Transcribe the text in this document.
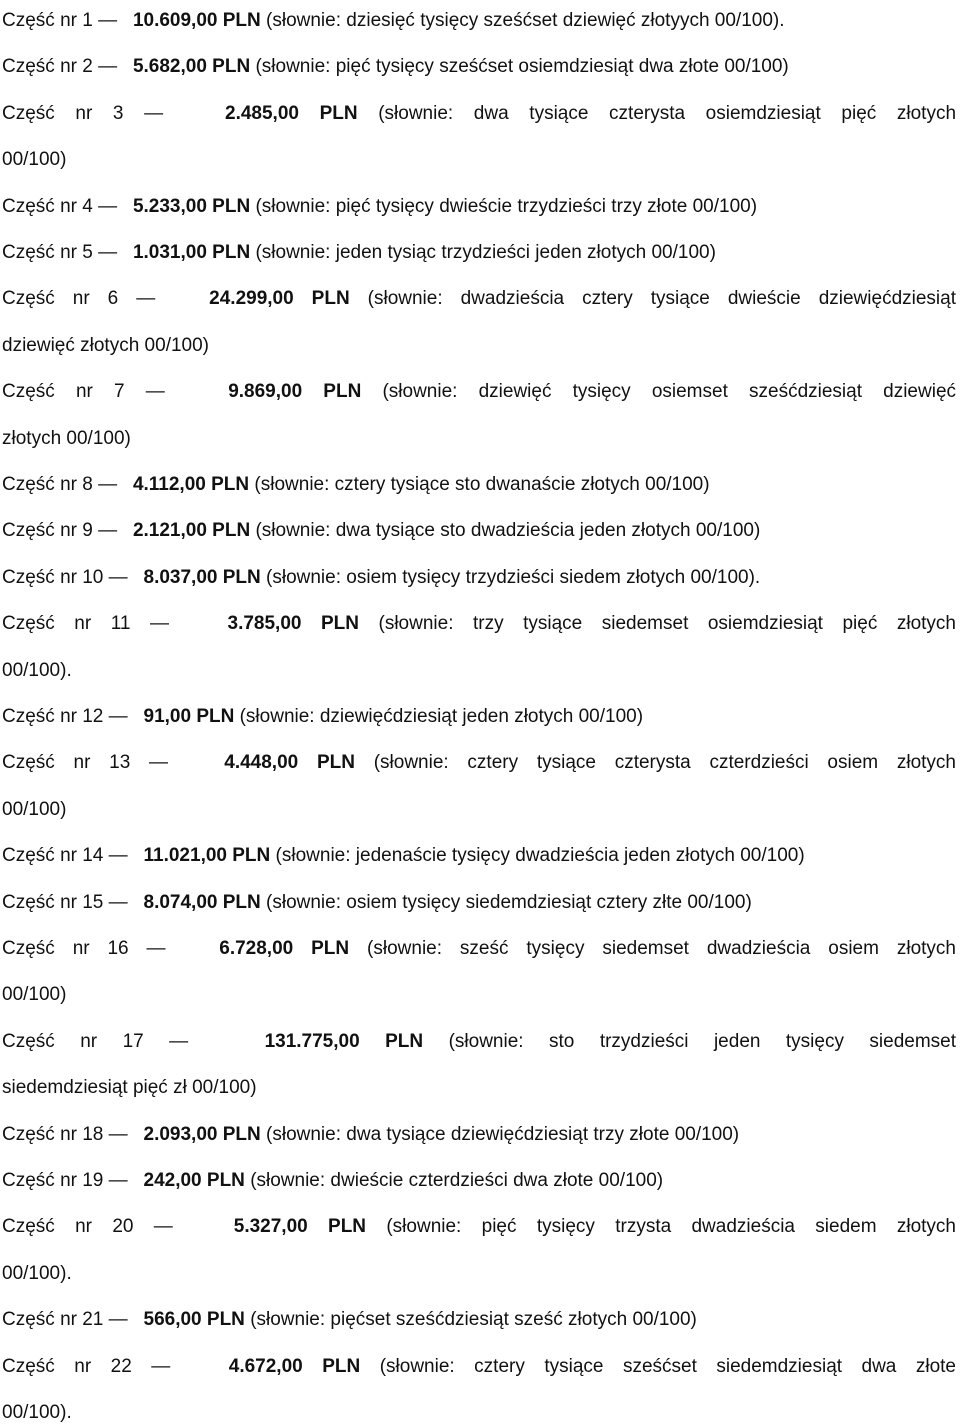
Część nr 1 — 10.609,00 PLN (słownie: dziesięć tysięcy sześćset dziewięć złotyych 00/100).
Część nr 2 — 5.682,00 PLN (słownie: pięć tysięcy sześćset osiemdziesiąt dwa złote 00/100)
Część nr 3 —	2.485,00 PLN (słownie: dwa tysiące czterysta osiemdziesiąt pięć złotych
00/100)
Część nr 4 — 5.233,00 PLN (słownie: pięć tysięcy dwieście trzydzieści trzy złote 00/100)
Część nr 5 — 1.031,00 PLN (słownie: jeden tysiąc trzydzieści jeden złotych 00/100)
Część nr 6 —	24.299,00 PLN (słownie: dwadzieścia cztery tysiące dwieście dziewięćdziesiąt
dziewięć złotych 00/100)
Część nr 7 —	9.869,00 PLN (słownie: dziewięć tysięcy osiemset sześćdziesiąt dziewięć
złotych 00/100)
Część nr 8 — 4.112,00 PLN (słownie: cztery tysiące sto dwanaście złotych 00/100)
Część nr 9 — 2.121,00 PLN (słownie: dwa tysiące sto dwadzieścia jeden złotych 00/100)
Część nr 10 — 8.037,00 PLN (słownie: osiem tysięcy trzydzieści siedem złotych 00/100).
Część nr 11 —	3.785,00 PLN (słownie: trzy tysiące siedemset osiemdziesiąt pięć złotych
00/100).
Część nr 12 — 91,00 PLN (słownie: dziewięćdziesiąt jeden złotych 00/100)
Część nr 13 —	4.448,00 PLN (słownie: cztery tysiące czterysta czterdzieści osiem złotych
00/100)
Część nr 14 — 11.021,00 PLN (słownie: jedenaście tysięcy dwadzieścia jeden złotych 00/100)
Część nr 15 — 8.074,00 PLN (słownie: osiem tysięcy siedemdziesiąt cztery złte 00/100)
Część nr 16 —	6.728,00 PLN (słownie: sześć tysięcy siedemset dwadzieścia osiem złotych
00/100)
Część nr 17 —	131.775,00 PLN (słownie: sto trzydzieści jeden tysięcy siedemset
siedemdziesiąt pięć zł 00/100)
Część nr 18 — 2.093,00 PLN (słownie: dwa tysiące dziewięćdziesiąt trzy złote 00/100)
Część nr 19 — 242,00 PLN (słownie: dwieście czterdzieści dwa złote 00/100)
Część nr 20 —	5.327,00 PLN (słownie: pięć tysięcy trzysta dwadzieścia siedem złotych
00/100).
Część nr 21 — 566,00 PLN (słownie: pięćset sześćdziesiąt sześć złotych 00/100)
Część nr 22 —	4.672,00 PLN (słownie: cztery tysiące sześćset siedemdziesiąt dwa złote
00/100).
